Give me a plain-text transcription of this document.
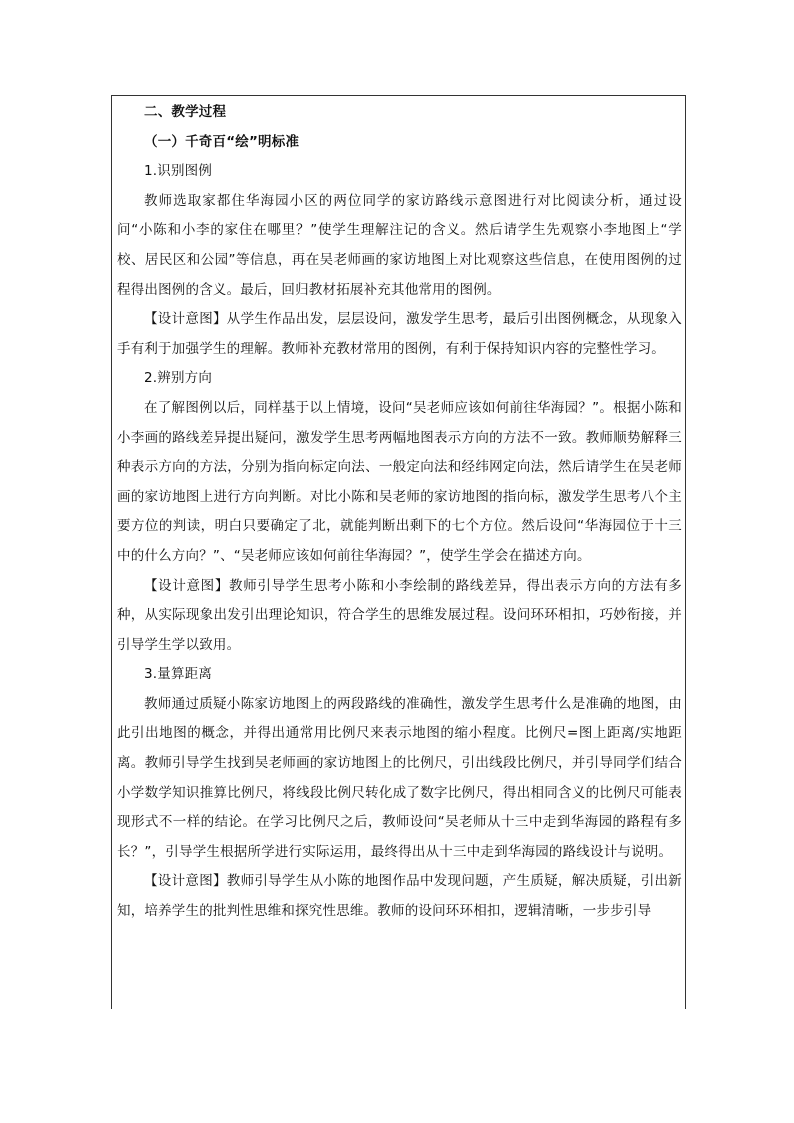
二、教学过程

（一）千奇百“绘”明标准

1.识别图例

教师选取家都住华海园小区的两位同学的家访路线示意图进行对比阅读分析，通过设问“小陈和小李的家住在哪里？”使学生理解注记的含义。然后请学生先观察小李地图上“学校、居民区和公园”等信息，再在吴老师画的家访地图上对比观察这些信息，在使用图例的过程得出图例的含义。最后，回归教材拓展补充其他常用的图例。

【设计意图】从学生作品出发，层层设问，激发学生思考，最后引出图例概念，从现象入手有利于加强学生的理解。教师补充教材常用的图例，有利于保持知识内容的完整性学习。

2.辨别方向

在了解图例以后，同样基于以上情境，设问“吴老师应该如何前往华海园？”。根据小陈和小李画的路线差异提出疑问，激发学生思考两幅地图表示方向的方法不一致。教师顺势解释三种表示方向的方法，分别为指向标定向法、一般定向法和经纬网定向法，然后请学生在吴老师画的家访地图上进行方向判断。对比小陈和吴老师的家访地图的指向标，激发学生思考八个主要方位的判读，明白只要确定了北，就能判断出剩下的七个方位。然后设问“华海园位于十三中的什么方向？”、“吴老师应该如何前往华海园？”，使学生学会在描述方向。

【设计意图】教师引导学生思考小陈和小李绘制的路线差异，得出表示方向的方法有多种，从实际现象出发引出理论知识，符合学生的思维发展过程。设问环环相扣，巧妙衔接，并引导学生学以致用。

3.量算距离

教师通过质疑小陈家访地图上的两段路线的准确性，激发学生思考什么是准确的地图，由此引出地图的概念，并得出通常用比例尺来表示地图的缩小程度。比例尺=图上距离/实地距离。教师引导学生找到吴老师画的家访地图上的比例尺，引出线段比例尺，并引导同学们结合小学数学知识推算比例尺，将线段比例尺转化成了数字比例尺，得出相同含义的比例尺可能表现形式不一样的结论。在学习比例尺之后，教师设问“吴老师从十三中走到华海园的路程有多长？”，引导学生根据所学进行实际运用，最终得出从十三中走到华海园的路线设计与说明。

【设计意图】教师引导学生从小陈的地图作品中发现问题，产生质疑，解决质疑，引出新知，培养学生的批判性思维和探究性思维。教师的设问环环相扣，逻辑清晰，一步步引导
